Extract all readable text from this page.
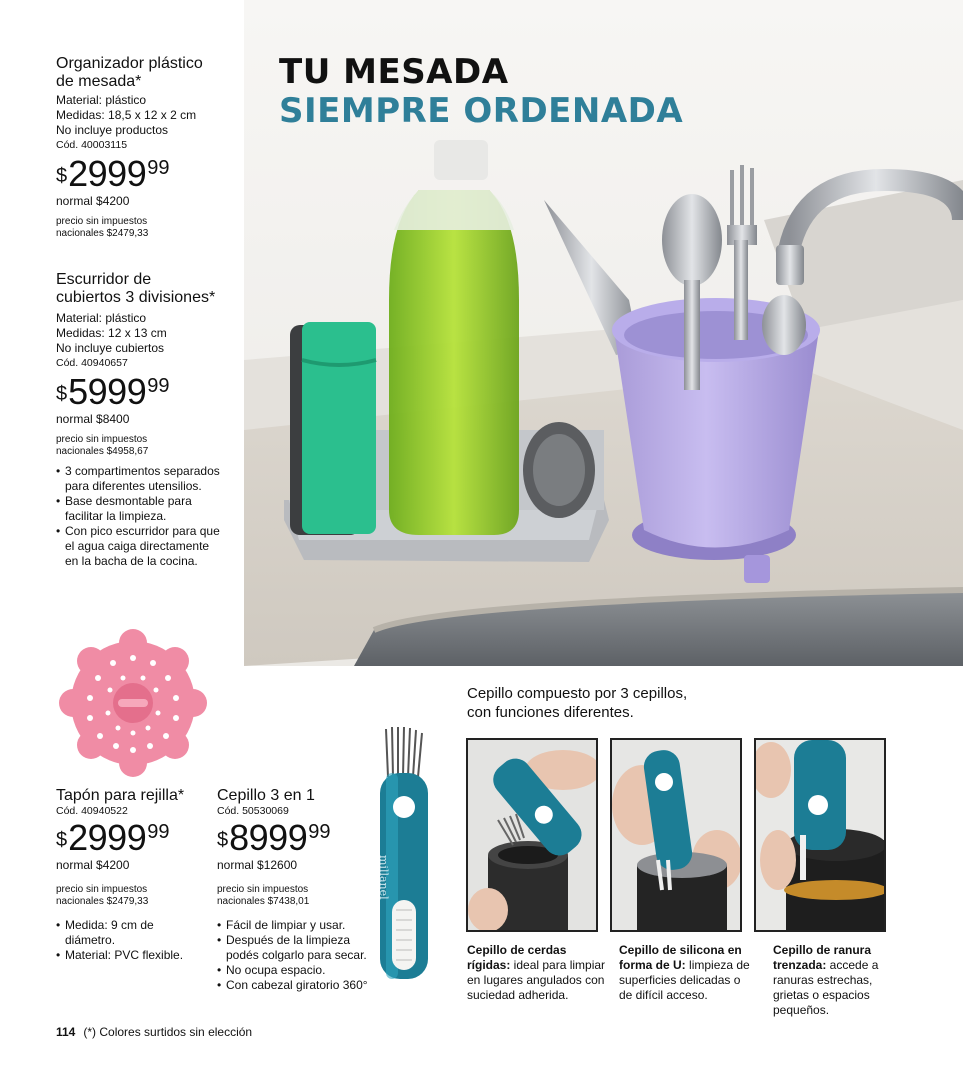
TU MESADA
SIEMPRE ORDENADA
Organizador plástico
de mesada*
Material: plástico
Medidas: 18,5 x 12 x 2 cm
No incluye productos
Cód. 40003115
$ 2999 99
normal $4200
precio sin impuestos
nacionales $2479,33
Escurridor de
cubiertos 3 divisiones*
Material: plástico
Medidas: 12 x 13 cm
No incluye cubiertos
Cód. 40940657
$ 5999 99
normal $8400
precio sin impuestos
nacionales $4958,67
• 3 compartimentos separados
para diferentes utensilios.
• Base desmontable para
facilitar la limpieza.
• Con pico escurridor para que
el agua caiga directamente
en la bacha de la cocina.
Tapón para rejilla*
Cód. 40940522
$ 2999 99
normal $4200
precio sin impuestos
nacionales $2479,33
• Medida: 9 cm de
diámetro.
• Material: PVC flexible.
Cepillo 3 en 1
Cód. 50530069
$ 8999 99
normal $12600
precio sin impuestos
nacionales $7438,01
• Fácil de limpiar y usar.
• Después de la limpieza
podés colgarlo para secar.
• No ocupa espacio.
• Con cabezal giratorio 360°
millanel
Cepillo compuesto por 3 cepillos,
con funciones diferentes.
Cepillo de cerdas rígidas: ideal para limpiar en lugares angulados con suciedad adherida.
Cepillo de silicona en forma de U: limpieza de superficies delicadas o de difícil acceso.
Cepillo de ranura trenzada: accede a ranuras estrechas, grietas o espacios pequeños.
114 (*) Colores surtidos sin elección
